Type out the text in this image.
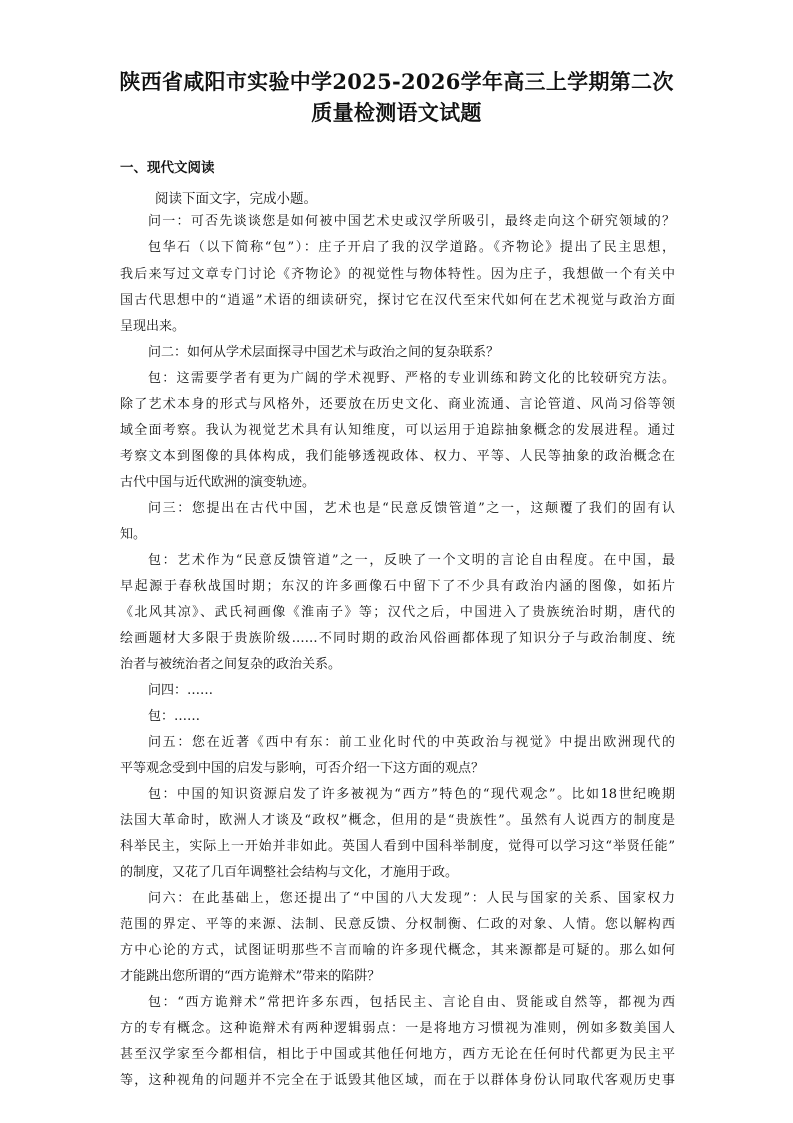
陕西省咸阳市实验中学2025-2026学年高三上学期第二次
质量检测语文试题
一、现代文阅读
阅读下面文字，完成小题。
问一：可否先谈谈您是如何被中国艺术史或汉学所吸引，最终走向这个研究领域的？
包华石（以下简称“包”）：庄子开启了我的汉学道路。《齐物论》提出了民主思想，
我后来写过文章专门讨论《齐物论》的视觉性与物体特性。因为庄子，我想做一个有关中
国古代思想中的“逍遥”术语的细读研究，探讨它在汉代至宋代如何在艺术视觉与政治方面
呈现出来。
问二：如何从学术层面探寻中国艺术与政治之间的复杂联系？
包：这需要学者有更为广阔的学术视野、严格的专业训练和跨文化的比较研究方法。
除了艺术本身的形式与风格外，还要放在历史文化、商业流通、言论管道、风尚习俗等领
域全面考察。我认为视觉艺术具有认知维度，可以运用于追踪抽象概念的发展进程。通过
考察文本到图像的具体构成，我们能够透视政体、权力、平等、人民等抽象的政治概念在
古代中国与近代欧洲的演变轨迹。
问三：您提出在古代中国，艺术也是“民意反馈管道”之一，这颠覆了我们的固有认
知。
包：艺术作为“民意反馈管道”之一，反映了一个文明的言论自由程度。在中国，最
早起源于春秋战国时期；东汉的许多画像石中留下了不少具有政治内涵的图像，如拓片
《北风其凉》、武氏祠画像《淮南子》等；汉代之后，中国进入了贵族统治时期，唐代的
绘画题材大多限于贵族阶级……不同时期的政治风俗画都体现了知识分子与政治制度、统
治者与被统治者之间复杂的政治关系。
问四：……
包：……
问五：您在近著《西中有东：前工业化时代的中英政治与视觉》中提出欧洲现代的
平等观念受到中国的启发与影响，可否介绍一下这方面的观点？
包：中国的知识资源启发了许多被视为“西方”特色的“现代观念”。比如18世纪晚期
法国大革命时，欧洲人才谈及“政权”概念，但用的是“贵族性”。虽然有人说西方的制度是
科举民主，实际上一开始并非如此。英国人看到中国科举制度，觉得可以学习这“举贤任能”
的制度，又花了几百年调整社会结构与文化，才施用于政。
问六：在此基础上，您还提出了“中国的八大发现”：人民与国家的关系、国家权力
范围的界定、平等的来源、法制、民意反馈、分权制衡、仁政的对象、人情。您以解构西
方中心论的方式，试图证明那些不言而喻的许多现代概念，其来源都是可疑的。那么如何
才能跳出您所谓的“西方诡辩术”带来的陷阱？
包：“西方诡辩术”常把许多东西，包括民主、言论自由、贤能或自然等，都视为西
方的专有概念。这种诡辩术有两种逻辑弱点：一是将地方习惯视为准则，例如多数美国人
甚至汉学家至今都相信，相比于中国或其他任何地方，西方无论在任何时代都更为民主平
等，这种视角的问题并不完全在于诋毁其他区域，而在于以群体身份认同取代客观历史事
